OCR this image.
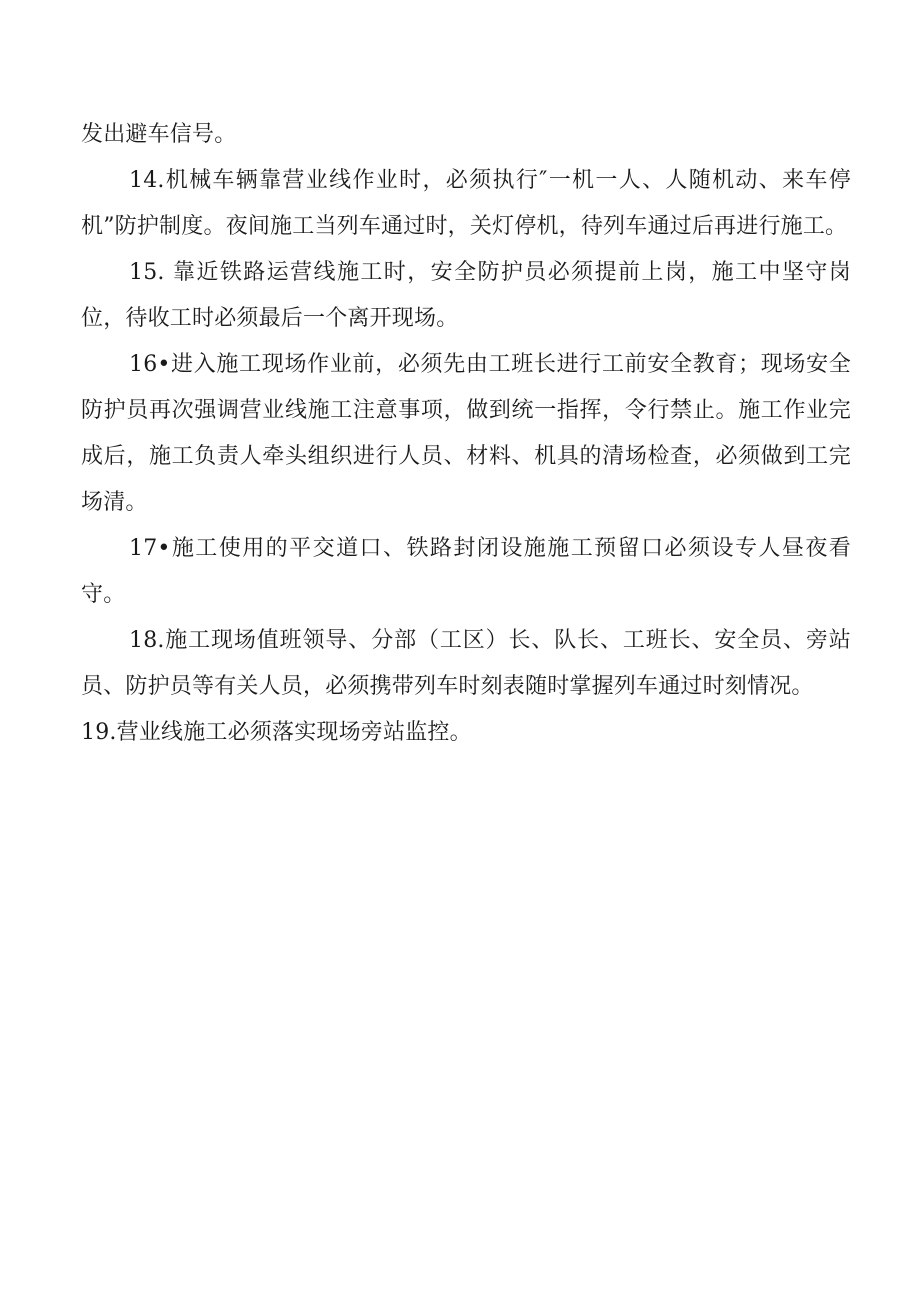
发出避车信号。

14.机械车辆靠营业线作业时，必须执行″一机一人、人随机动、来车停机”防护制度。夜间施工当列车通过时，关灯停机，待列车通过后再进行施工。

15. 靠近铁路运营线施工时，安全防护员必须提前上岗，施工中坚守岗位，待收工时必须最后一个离开现场。

16•进入施工现场作业前，必须先由工班长进行工前安全教育；现场安全防护员再次强调营业线施工注意事项，做到统一指挥，令行禁止。施工作业完成后，施工负责人牵头组织进行人员、材料、机具的清场检查，必须做到工完场清。

17•施工使用的平交道口、铁路封闭设施施工预留口必须设专人昼夜看守。

18.施工现场值班领导、分部（工区）长、队长、工班长、安全员、旁站员、防护员等有关人员，必须携带列车时刻表随时掌握列车通过时刻情况。

19.营业线施工必须落实现场旁站监控。
